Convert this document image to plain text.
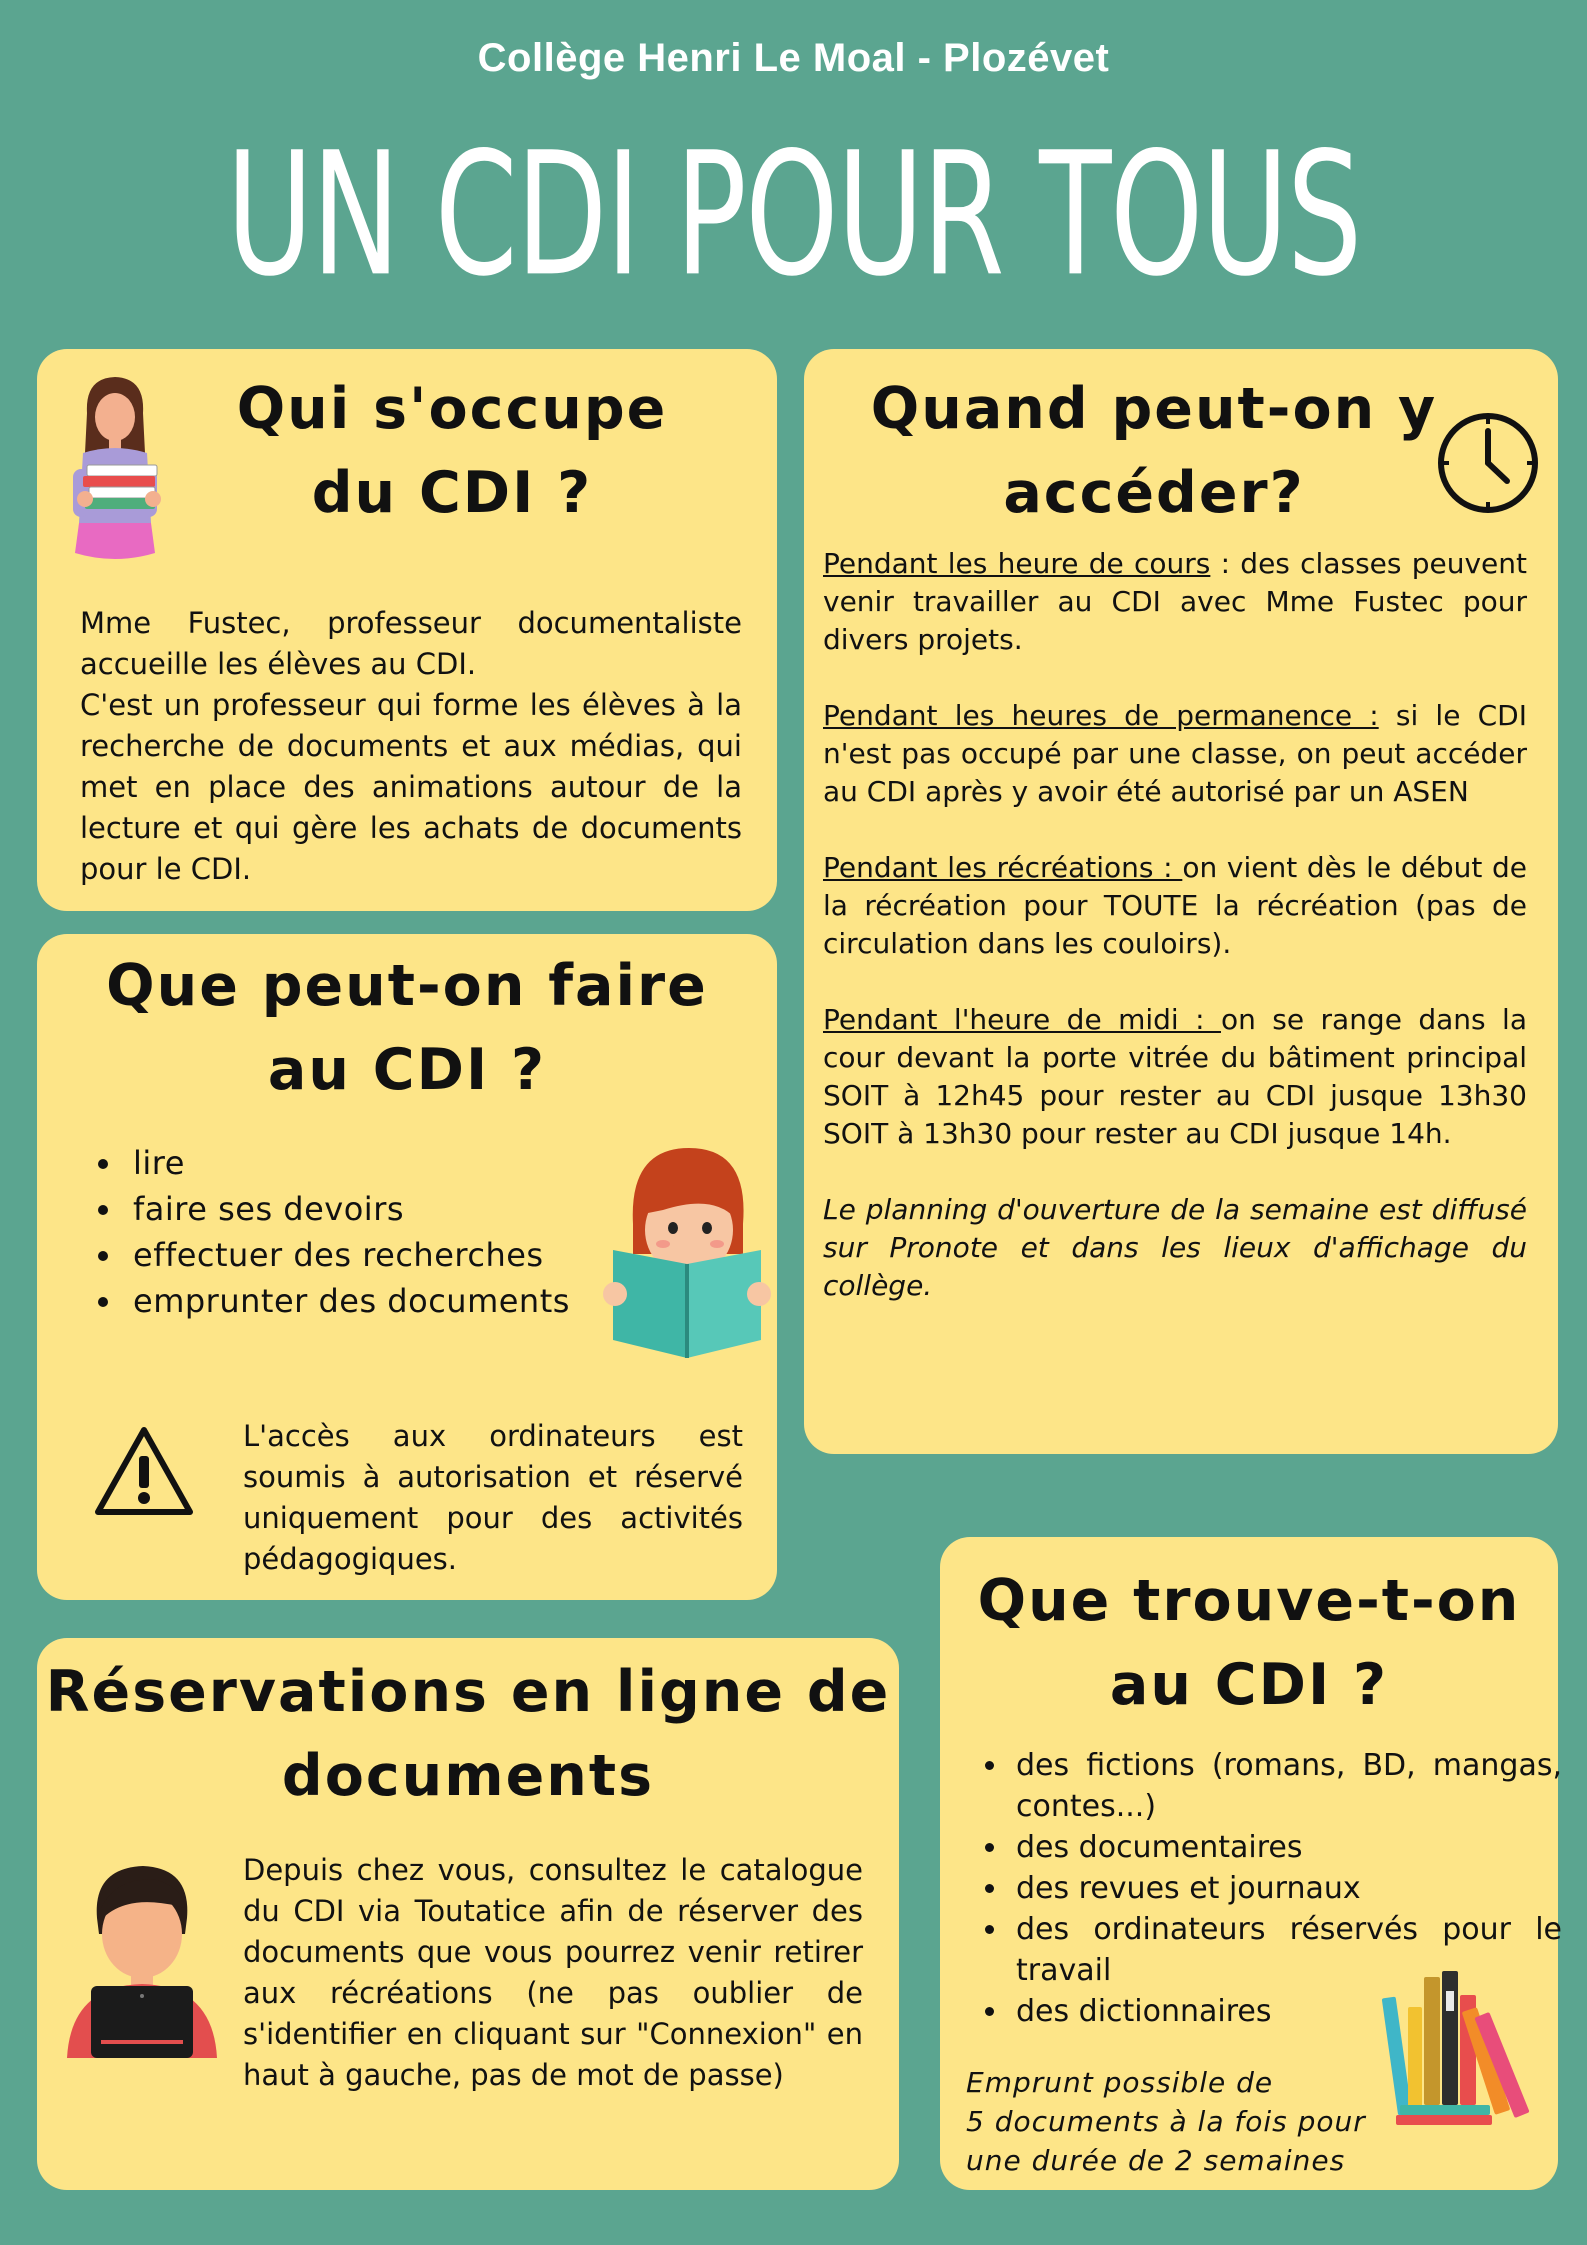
Collège Henri Le Moal - Plozévet
UN CDI POUR TOUS
Qui s'occupe
du CDI ?

Mme Fustec, professeur documentaliste accueille les élèves au CDI.

C'est un professeur qui forme les élèves à la recherche de documents et aux médias, qui met en place des animations autour de la lecture et qui gère les achats de documents pour le CDI.

Quand peut-on y
accéder?

Pendant les heure de cours : des classes peuvent venir travailler au CDI avec Mme Fustec pour divers projets.

Pendant les heures de permanence : si le CDI n'est pas occupé par une classe, on peut accéder au CDI après y avoir été autorisé par un ASEN

Pendant les récréations : on vient dès le début de la récréation pour TOUTE la récréation (pas de circulation dans les couloirs).

Pendant l'heure de midi : on se range dans la cour devant la porte vitrée du bâtiment principal SOIT à 12h45 pour rester au CDI jusque 13h30 SOIT à 13h30 pour rester au CDI jusque 14h.

Le planning d'ouverture de la semaine est diffusé sur Pronote et dans les lieux d'affichage du collège.

Que peut-on faire
au CDI ?
• lire
• faire ses devoirs
• effectuer des recherches
• emprunter des documents

L'accès aux ordinateurs est soumis à autorisation et réservé uniquement pour des activités pédagogiques.

Réservations en ligne de
documents

Depuis chez vous, consultez le catalogue du CDI via Toutatice afin de réserver des documents que vous pourrez venir retirer aux récréations (ne pas oublier de s'identifier en cliquant sur "Connexion" en haut à gauche, pas de mot de passe)

Que trouve-t-on
au CDI ?
• des fictions (romans, BD, mangas, contes...)
• des documentaires
• des revues et journaux
• des ordinateurs réservés pour le travail
• des dictionnaires
Emprunt possible de
5 documents à la fois pour
une durée de 2 semaines
